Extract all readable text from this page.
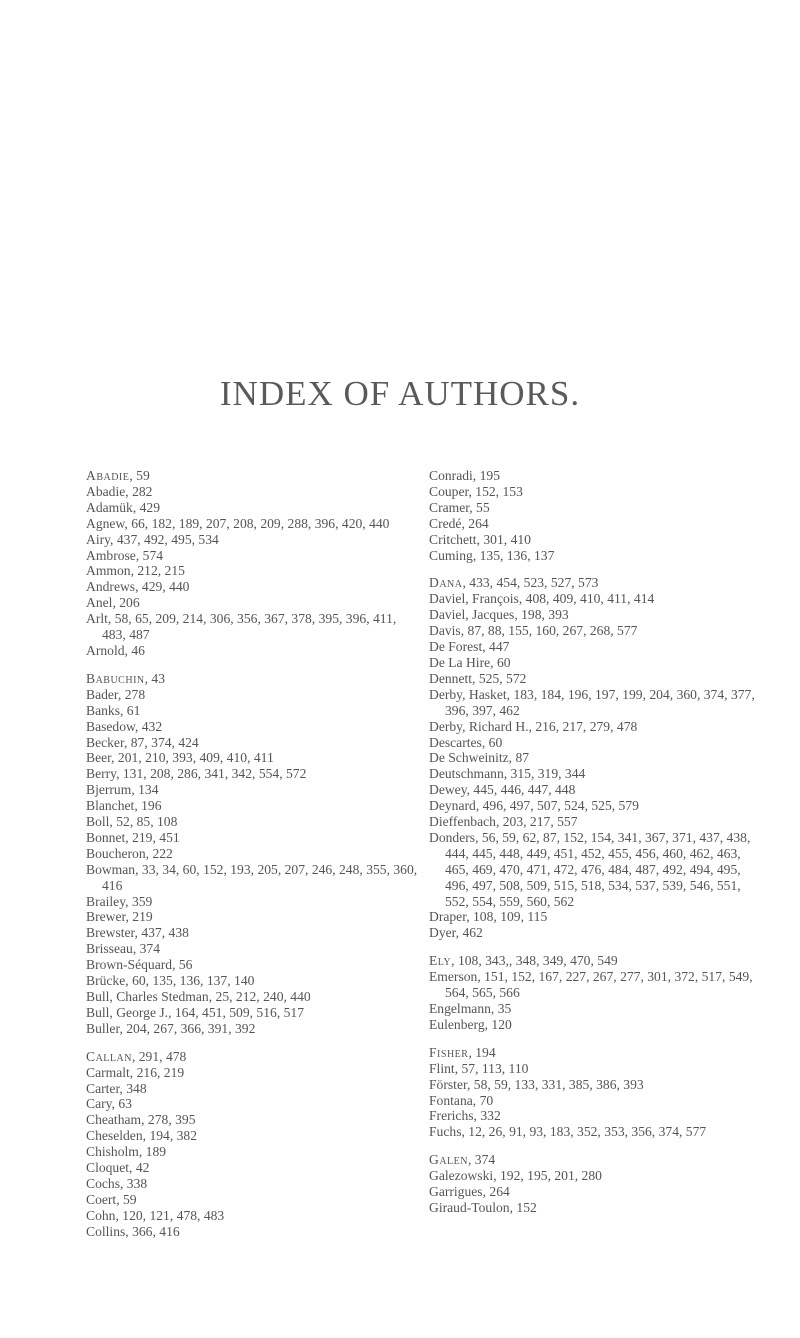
INDEX OF AUTHORS.
Abadie, 59
Abadie, 282
Adamük, 429
Agnew, 66, 182, 189, 207, 208, 209, 288, 396, 420, 440
Airy, 437, 492, 495, 534
Ambrose, 574
Ammon, 212, 215
Andrews, 429, 440
Anel, 206
Arlt, 58, 65, 209, 214, 306, 356, 367, 378, 395, 396, 411, 483, 487
Arnold, 46
Babuchin, 43
Bader, 278
Banks, 61
Basedow, 432
Becker, 87, 374, 424
Beer, 201, 210, 393, 409, 410, 411
Berry, 131, 208, 286, 341, 342, 554, 572
Bjerrum, 134
Blanchet, 196
Boll, 52, 85, 108
Bonnet, 219, 451
Boucheron, 222
Bowman, 33, 34, 60, 152, 193, 205, 207, 246, 248, 355, 360, 416
Brailey, 359
Brewer, 219
Brewster, 437, 438
Brisseau, 374
Brown-Séquard, 56
Brücke, 60, 135, 136, 137, 140
Bull, Charles Stedman, 25, 212, 240, 440
Bull, George J., 164, 451, 509, 516, 517
Buller, 204, 267, 366, 391, 392
Callan, 291, 478
Carmalt, 216, 219
Carter, 348
Cary, 63
Cheatham, 278, 395
Cheselden, 194, 382
Chisholm, 189
Cloquet, 42
Cochs, 338
Coert, 59
Cohn, 120, 121, 478, 483
Collins, 366, 416
Conradi, 195
Couper, 152, 153
Cramer, 55
Credé, 264
Critchett, 301, 410
Cuming, 135, 136, 137
Dana, 433, 454, 523, 527, 573
Daviel, François, 408, 409, 410, 411, 414
Daviel, Jacques, 198, 393
Davis, 87, 88, 155, 160, 267, 268, 577
De Forest, 447
De La Hire, 60
Dennett, 525, 572
Derby, Hasket, 183, 184, 196, 197, 199, 204, 360, 374, 377, 396, 397, 462
Derby, Richard H., 216, 217, 279, 478
Descartes, 60
De Schweinitz, 87
Deutschmann, 315, 319, 344
Dewey, 445, 446, 447, 448
Deynard, 496, 497, 507, 524, 525, 579
Dieffenbach, 203, 217, 557
Donders, 56, 59, 62, 87, 152, 154, 341, 367, 371, 437, 438, 444, 445, 448, 449, 451, 452, 455, 456, 460, 462, 463, 465, 469, 470, 471, 472, 476, 484, 487, 492, 494, 495, 496, 497, 508, 509, 515, 518, 534, 537, 539, 546, 551, 552, 554, 559, 560, 562
Draper, 108, 109, 115
Dyer, 462
Ely, 108, 343,, 348, 349, 470, 549
Emerson, 151, 152, 167, 227, 267, 277, 301, 372, 517, 549, 564, 565, 566
Engelmann, 35
Eulenberg, 120
Fisher, 194
Flint, 57, 113, 110
Förster, 58, 59, 133, 331, 385, 386, 393
Fontana, 70
Frerichs, 332
Fuchs, 12, 26, 91, 93, 183, 352, 353, 356, 374, 577
Galen, 374
Galezowski, 192, 195, 201, 280
Garrigues, 264
Giraud-Toulon, 152
